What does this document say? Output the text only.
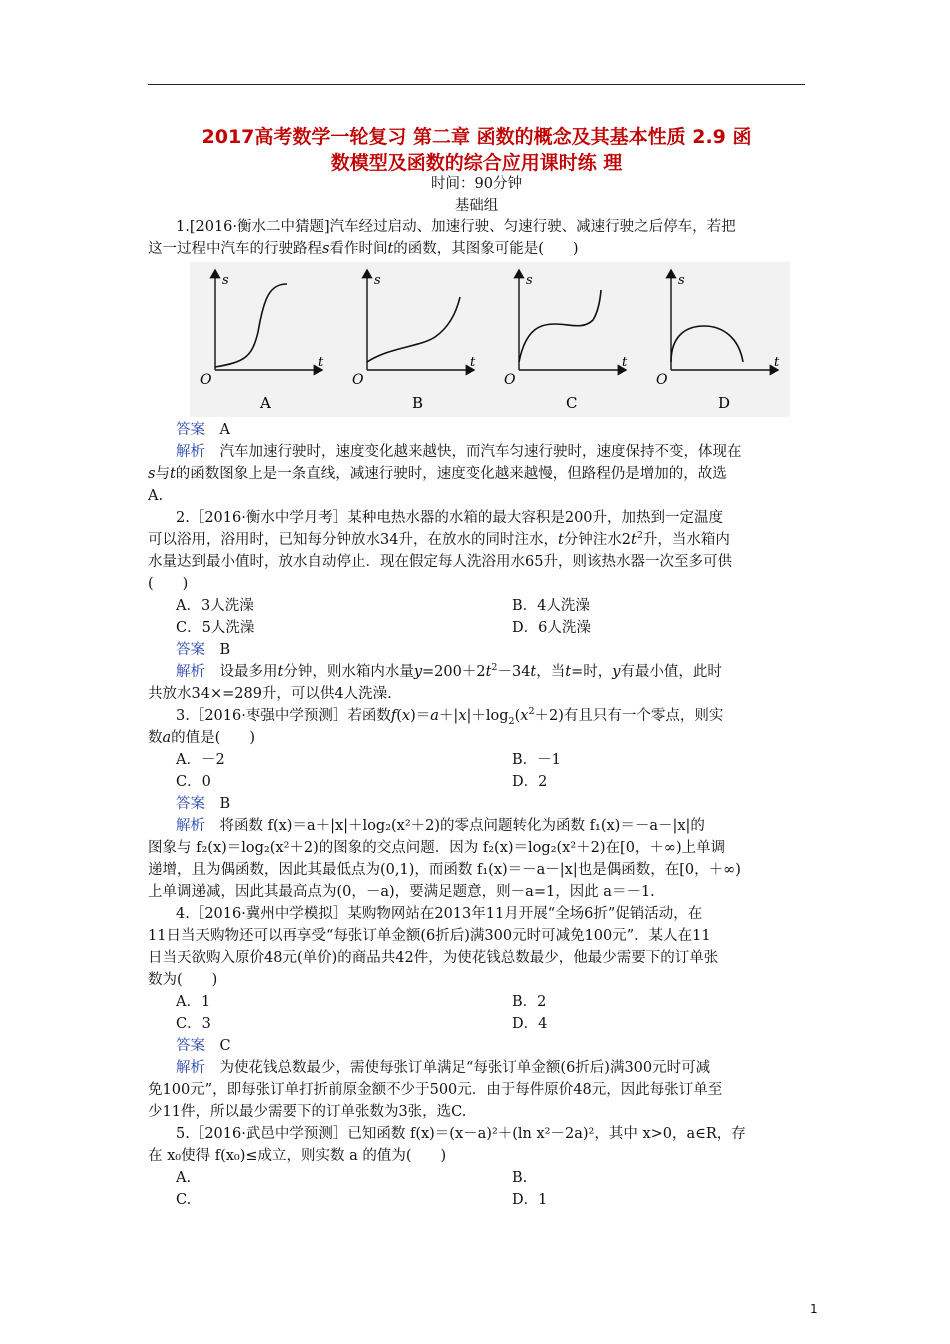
2017高考数学一轮复习 第二章 函数的概念及其基本性质 2.9 函
数模型及函数的综合应用课时练 理
时间：90分钟
基础组
1.[2016·衡水二中猜题]汽车经过启动、加速行驶、匀速行驶、减速行驶之后停车，若把
这一过程中汽车的行驶路程s看作时间t的函数，其图象可能是(　　)
s
t
O
A
s
t
O
B
s
t
O
C
s
t
O
D
答案　 A
解析　 汽车加速行驶时，速度变化越来越快，而汽车匀速行驶时，速度保持不变，体现在
s与t的函数图象上是一条直线，减速行驶时，速度变化越来越慢，但路程仍是增加的，故选
A.
2.［2016·衡水中学月考］某种电热水器的水箱的最大容积是200升，加热到一定温度
可以浴用，浴用时，已知每分钟放水34升，在放水的同时注水，t分钟注水$2t^2$升，当水箱内
水量达到最小值时，放水自动停止．现在假定每人洗浴用水65升，则该热水器一次至多可供
(　　)
A．3人洗澡	B．4人洗澡
C．5人洗澡	D．6人洗澡
答案　 B
解析　 设最多用t分钟，则水箱内水量$y=200+2t^2-34t$，当t=时，y有最小值，此时
共放水34×=289升，可以供4人洗澡.
3.［2016·枣强中学预测］若函数$f(x)=a+|x|+\log_2(x^2+2)$有且只有一个零点，则实
数a的值是(　　)
A．－2	B．－1
C．0	D．2
答案　 B
解析　 将函数 f(x)＝a＋|x|＋log₂(x²＋2)的零点问题转化为函数 f₁(x)＝－a－|x|的
图象与 f₂(x)＝log₂(x²＋2)的图象的交点问题．因为 f₂(x)＝log₂(x²＋2)在[0，＋∞)上单调
递增，且为偶函数，因此其最低点为(0,1)，而函数 f₁(x)＝－a－|x|也是偶函数，在[0，＋∞)
上单调递减，因此其最高点为(0，－a)，要满足题意，则－a=1，因此 a＝－1.
4.［2016·冀州中学模拟］某购物网站在2013年11月开展“全场6折”促销活动，在
11日当天购物还可以再享受“每张订单金额(6折后)满300元时可减免100元”．某人在11
日当天欲购入原价48元(单价)的商品共42件，为使花钱总数最少，他最少需要下的订单张
数为(　　)
A．1	B．2
C．3	D．4
答案　 C
解析　 为使花钱总数最少，需使每张订单满足“每张订单金额(6折后)满300元时可减
免100元”，即每张订单打折前原金额不少于500元．由于每件原价48元，因此每张订单至
少11件，所以最少需要下的订单张数为3张，选C.
5.［2016·武邑中学预测］已知函数 f(x)＝(x－a)²＋(ln x²－2a)²，其中 x>0，a∈R，存
在 x₀使得 f(x₀)≤成立，则实数 a 的值为(　　)
A.	B.
C.	D．1
1
